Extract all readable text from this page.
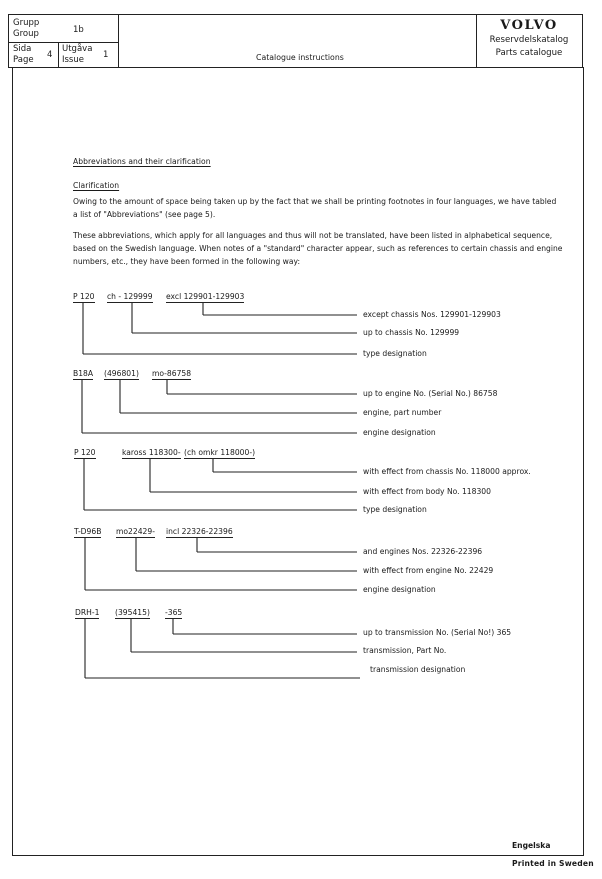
Grupp
Group	1b
Sida
Page 4
Utgåva
Issue 1	Catalogue instructions
VOLVO
Reservdelskatalog
Parts catalogue
Abbreviations and their clarification
Clarification
Owing to the amount of space being taken up by the fact that we shall be printing footnotes in four languages, we have tabled a list of "Abbreviations" (see page 5).
These abbreviations, which apply for all languages and thus will not be translated, have been listed in alphabetical sequence, based on the Swedish language. When notes of a "standard" character appear, such as references to certain chassis and engine numbers, etc., they have been formed in the following way:
P 120 ch - 129999 excl 129901-129903
except chassis Nos. 129901-129903
up to chassis No. 129999
type designation
B18A (496801) mo-86758
up to engine No. (Serial No.) 86758
engine, part number
engine designation
P 120	kaross 118300- (ch omkr 118000-)
with effect from chassis No. 118000 approx.
with effect from body No. 118300
type designation
T-D96B mo22429- incl 22326-22396
and engines Nos. 22326-22396
with effect from engine No. 22429
engine designation
DRH-1 (395415) -365
up to transmission No. (Serial No!) 365
transmission, Part No.
transmission designation
Engelska
Printed in Sweden
